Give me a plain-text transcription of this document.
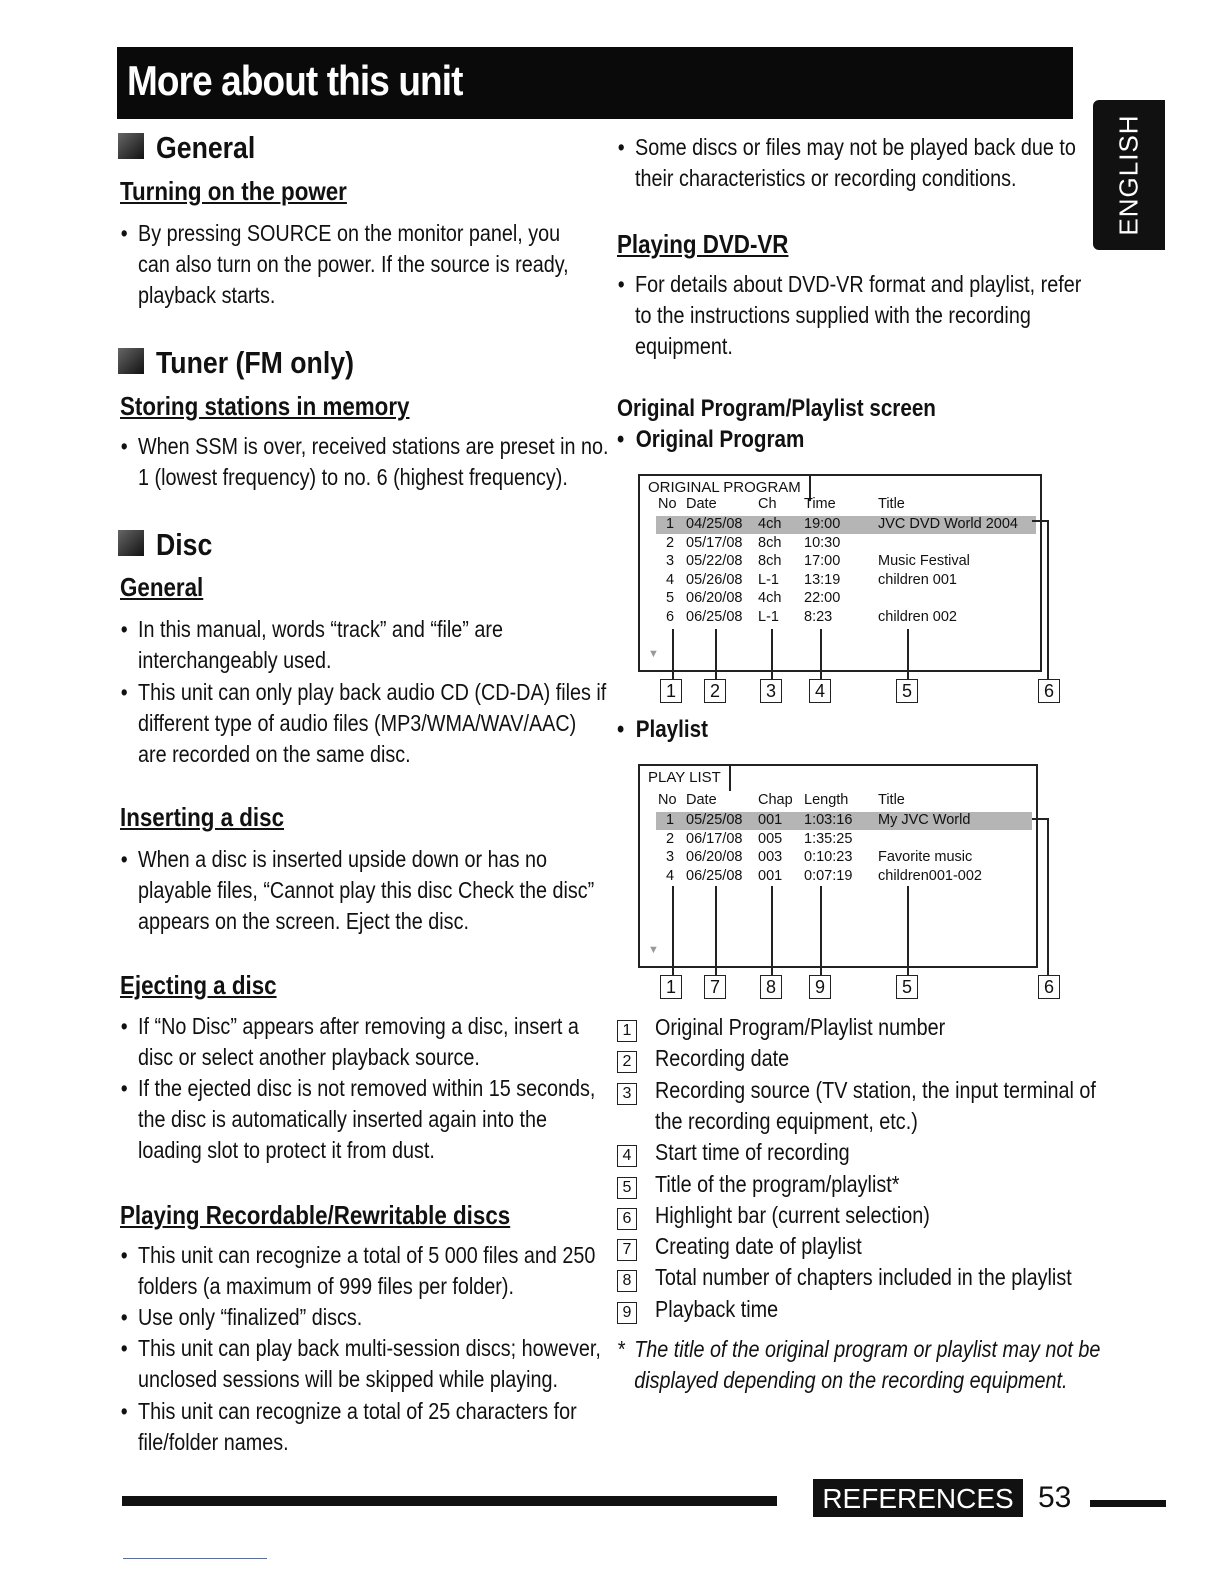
More about this unit
ENGLISH
General
Turning on the power
• By pressing SOURCE on the monitor panel, you
can also turn on the power. If the source is ready,
playback starts.
Tuner (FM only)
Storing stations in memory
• When SSM is over, received stations are preset in no.
1 (lowest frequency) to no. 6 (highest frequency).
Disc
General
• In this manual, words “track” and “file” are
interchangeably used.
• This unit can only play back audio CD (CD-DA) files if
different type of audio files (MP3/WMA/WAV/AAC)
are recorded on the same disc.
Inserting a disc
• When a disc is inserted upside down or has no
playable files, “Cannot play this disc Check the disc”
appears on the screen. Eject the disc.
Ejecting a disc
• If “No Disc” appears after removing a disc, insert a
disc or select another playback source.
• If the ejected disc is not removed within 15 seconds,
the disc is automatically inserted again into the
loading slot to protect it from dust.
Playing Recordable/Rewritable discs
• This unit can recognize a total of 5 000 files and 250
folders (a maximum of 999 files per folder).
• Use only “finalized” discs.
• This unit can play back multi-session discs; however,
unclosed sessions will be skipped while playing.
• This unit can recognize a total of 25 characters for
file/folder names.
• Some discs or files may not be played back due to
their characteristics or recording conditions.
Playing DVD-VR
• For details about DVD-VR format and playlist, refer
to the instructions supplied with the recording
equipment.
Original Program/Playlist screen
•  Original Program
ORIGINAL PROGRAM
No Date	Ch Time	Title
▼
1 04/25/08 4ch 19:00	JVC DVD World 2004
2 05/17/08 8ch 10:30
3 05/22/08 8ch 17:00	Music Festival
4 05/26/08 L-1 13:19	children 001
5 06/20/08 4ch 22:00
6 06/25/08 L-1 8:23	children 002
1	2	3	4	5	6
•  Playlist
PLAY LIST
No Date	Chap Length Title
▼
1 05/25/08 001 1:03:16 My JVC World
2 06/17/08 005 1:35:25
3 06/20/08 003 0:10:23 Favorite music
4 06/25/08 001 0:07:19 children001-002
1	7	8	9	5	6
1 Original Program/Playlist number
2 Recording date
3 Recording source (TV station, the input terminal of
the recording equipment, etc.)
4 Start time of recording
5 Title of the program/playlist*
6 Highlight bar (current selection)
7 Creating date of playlist
8 Total number of chapters included in the playlist
9 Playback time
* The title of the original program or playlist may not be
displayed depending on the recording equipment.
REFERENCES 53
